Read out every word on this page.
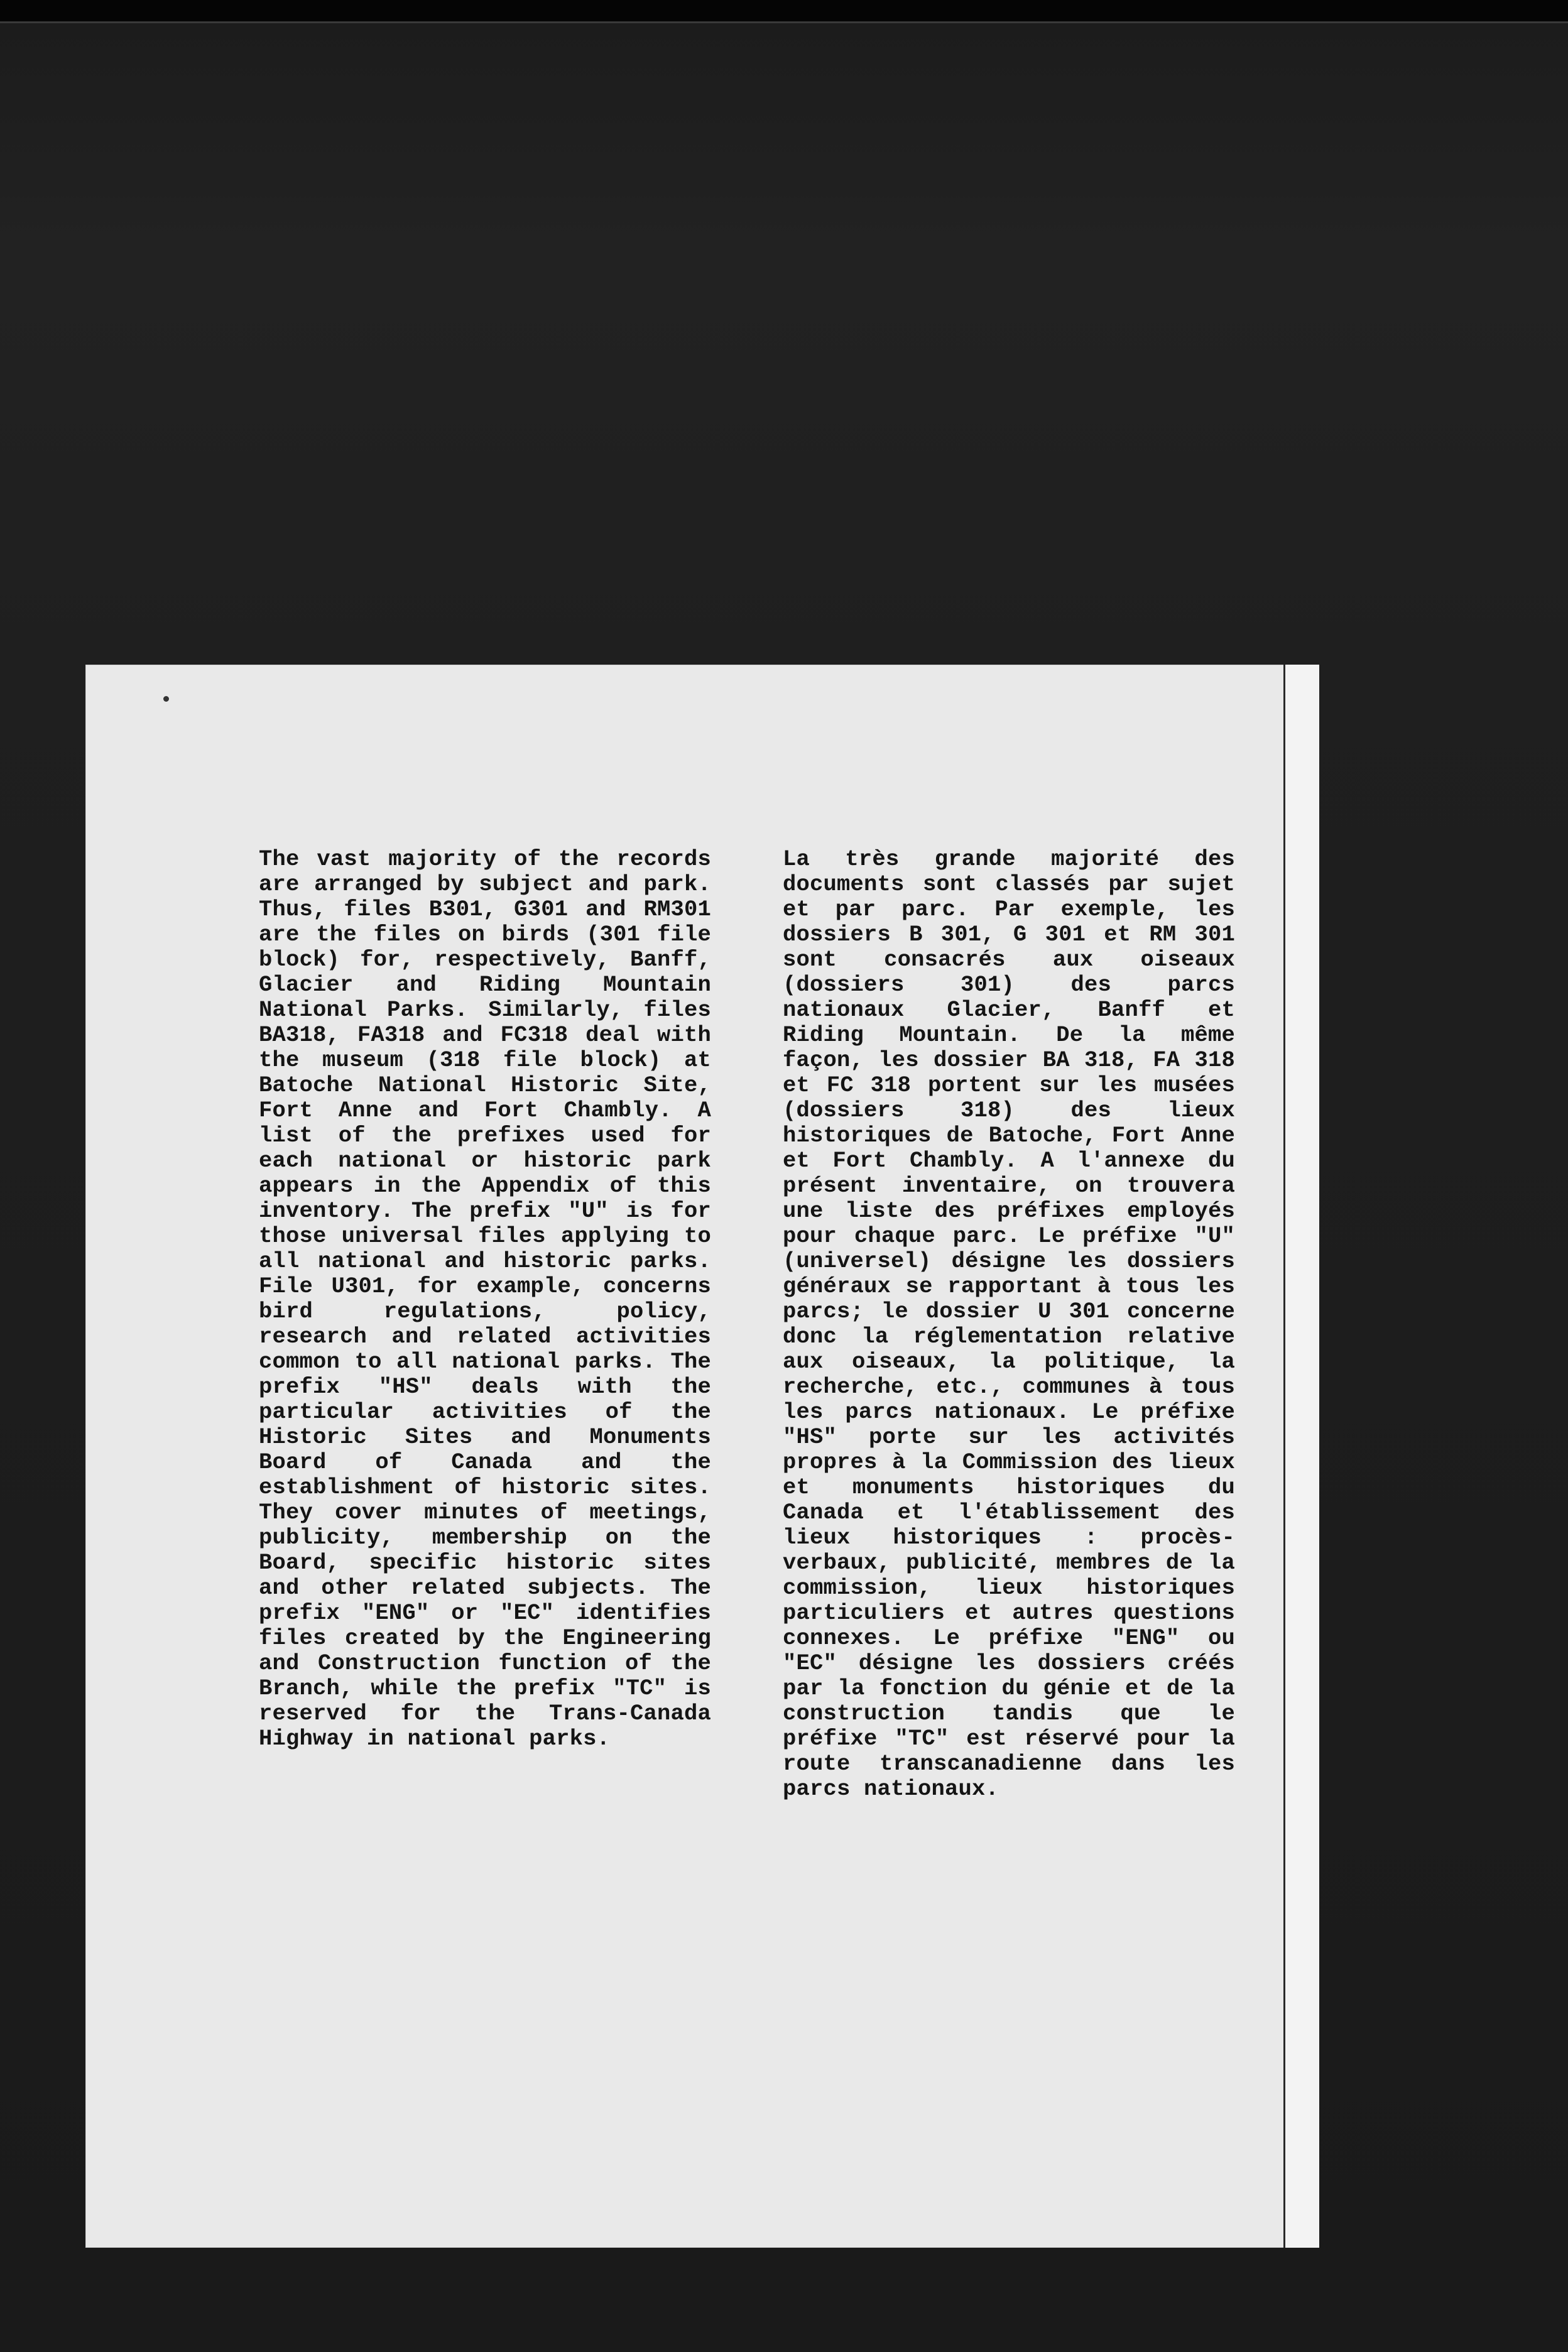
The vast majority of the records are arranged by subject and park. Thus, files B301, G301 and RM301 are the files on birds (301 file block) for, respectively, Banff, Glacier and Riding Mountain National Parks. Similarly, files BA318, FA318 and FC318 deal with the museum (318 file block) at Batoche National Historic Site, Fort Anne and Fort Chambly. A list of the prefixes used for each national or historic park appears in the Appendix of this inventory. The prefix "U" is for those universal files applying to all national and historic parks. File U301, for example, concerns bird regulations, policy, research and related activities common to all national parks. The prefix "HS" deals with the particular activities of the Historic Sites and Monuments Board of Canada and the establishment of historic sites. They cover minutes of meetings, publicity, membership on the Board, specific historic sites and other related subjects. The prefix "ENG" or "EC" identifies files created by the Engineering and Construction function of the Branch, while the prefix "TC" is reserved for the Trans-Canada Highway in national parks.
La très grande majorité des documents sont classés par sujet et par parc. Par exemple, les dossiers B 301, G 301 et RM 301 sont consacrés aux oiseaux (dossiers 301) des parcs nationaux Glacier, Banff et Riding Mountain. De la même façon, les dossier BA 318, FA 318 et FC 318 portent sur les musées (dossiers 318) des lieux historiques de Batoche, Fort Anne et Fort Chambly. A l'annexe du présent inventaire, on trouvera une liste des préfixes employés pour chaque parc. Le préfixe "U" (universel) désigne les dossiers généraux se rapportant à tous les parcs; le dossier U 301 concerne donc la réglementation relative aux oiseaux, la politique, la recherche, etc., communes à tous les parcs nationaux. Le préfixe "HS" porte sur les activités propres à la Commission des lieux et monuments historiques du Canada et l'établissement des lieux historiques : procès-verbaux, publicité, membres de la commission, lieux historiques particuliers et autres questions connexes. Le préfixe "ENG" ou "EC" désigne les dossiers créés par la fonction du génie et de la construction tandis que le préfixe "TC" est réservé pour la route transcanadienne dans les parcs nationaux.
